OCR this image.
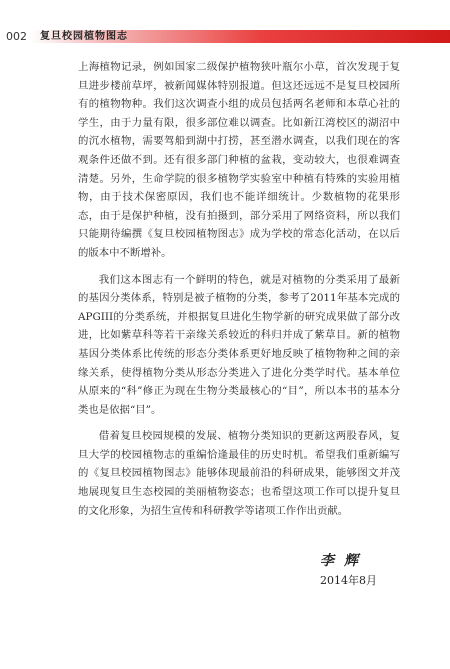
002 复旦校园植物图志

上海植物记录，例如国家二级保护植物狭叶瓶尔小草，首次发现于复旦进步楼前草坪，被新闻媒体特别报道。但这还远远不是复旦校园所有的植物物种。我们这次调查小组的成员包括两名老师和本草心社的学生，由于力量有限，很多部位难以调查。比如新江湾校区的湖沼中的沉水植物，需要驾船到湖中打捞，甚至潜水调查，以我们现在的客观条件还做不到。还有很多部门种植的盆栽，变动较大，也很难调查清楚。另外，生命学院的很多植物学实验室中种植有特殊的实验用植物，由于技术保密原因，我们也不能详细统计。少数植物的花果形态，由于是保护种植，没有拍摄到，部分采用了网络资料，所以我们只能期待编撰《复旦校园植物图志》成为学校的常态化活动，在以后的版本中不断增补。

我们这本图志有一个鲜明的特色，就是对植物的分类采用了最新的基因分类体系，特别是被子植物的分类，参考了2011年基本完成的APGIII的分类系统，并根据复旦进化生物学新的研究成果做了部分改进，比如紫草科等若干亲缘关系较近的科归并成了紫草目。新的植物基因分类体系比传统的形态分类体系更好地反映了植物物种之间的亲缘关系，使得植物分类从形态分类进入了进化分类学时代。基本单位从原来的“科”修正为现在生物分类最核心的“目”，所以本书的基本分类也是依据“目”。

借着复旦校园规模的发展、植物分类知识的更新这两股春风，复旦大学的校园植物志的重编恰逢最佳的历史时机。希望我们重新编写的《复旦校园植物图志》能够体现最前沿的科研成果，能够图文并茂地展现复旦生态校园的美丽植物姿态；也希望这项工作可以提升复旦的文化形象，为招生宣传和科研教学等诸项工作作出贡献。

李辉
2014年8月
